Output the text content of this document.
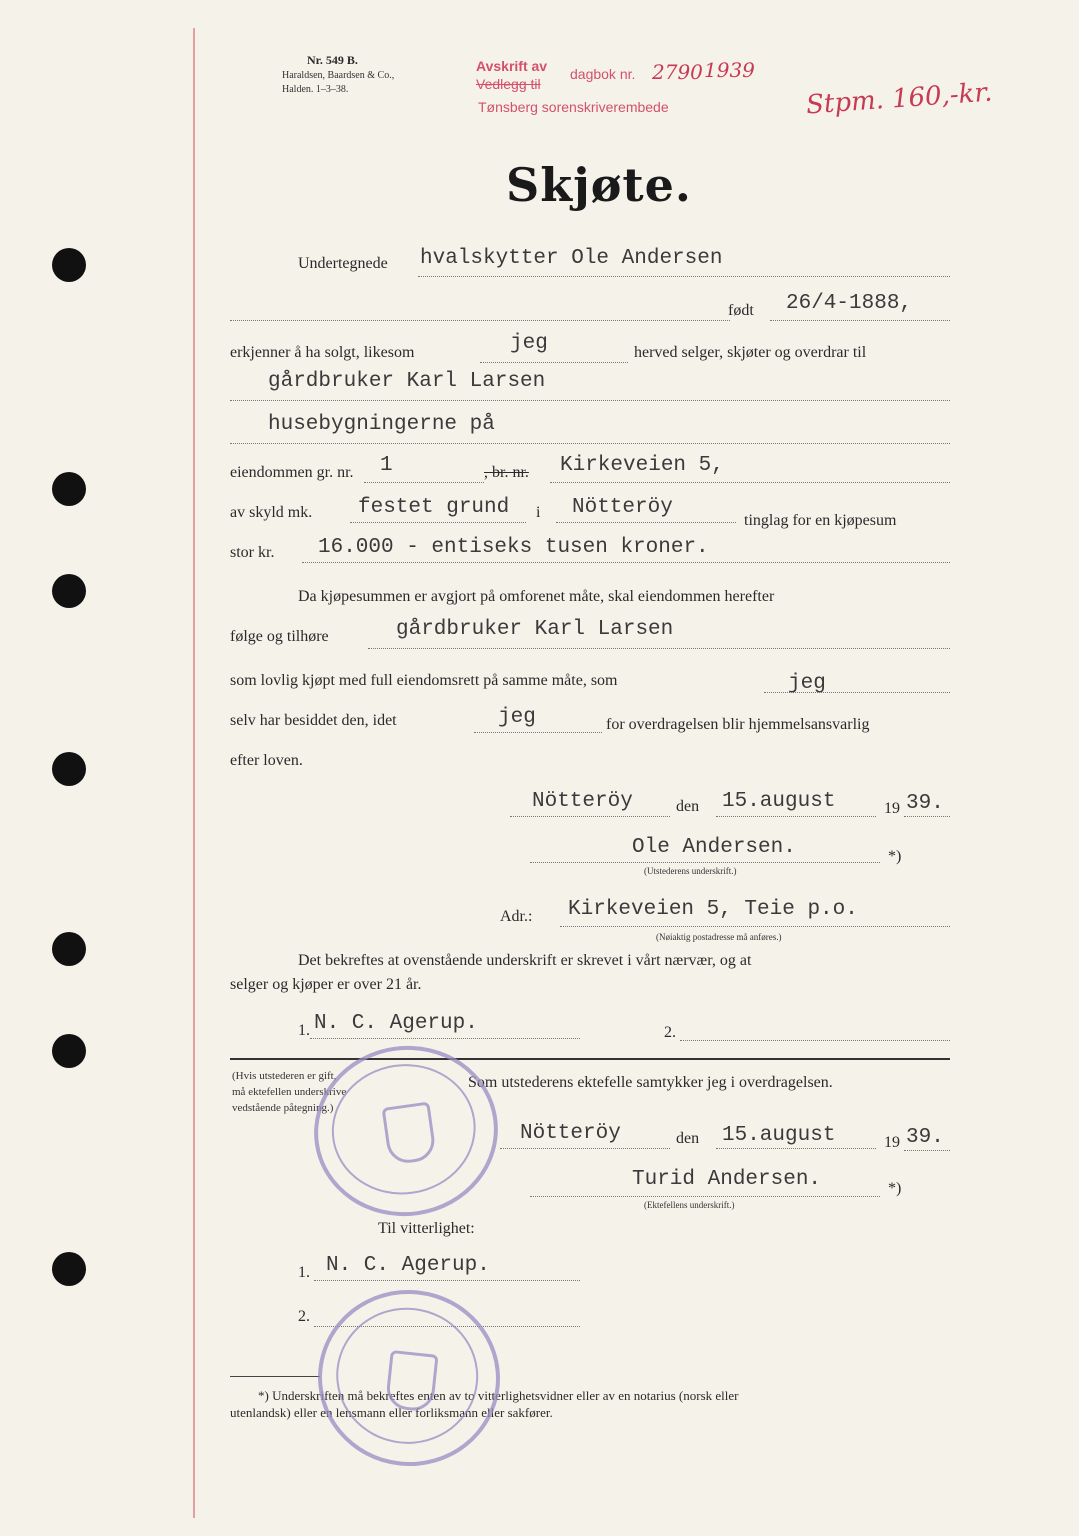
Nr. 549 B.
Haraldsen, Baardsen & Co.,
Halden. 1–3–38.
Avskrift av dagbok nr. 2790 1939
Vedlegg til
Tønsberg sorenskriverembede	Stpm. 160,-kr.
Skjøte.
Undertegnede hvalskytter Ole Andersen
født 26/4-1888,
erkjenner å ha solgt, likesom	jeg	herved selger, skjøter og overdrar til
gårdbruker Karl Larsen
husebygningerne på
eiendommen gr. nr. 1	, br. nr. Kirkeveien 5,
av skyld mk. festet grund i Nötteröy
tinglag for en kjøpesum
stor kr. 16.000 - entiseks tusen kroner.
Da kjøpesummen er avgjort på omforenet måte, skal eiendommen herefter
følge og tilhøre	gårdbruker Karl Larsen
som lovlig kjøpt med full eiendomsrett på samme måte, som	jeg
selv har besiddet den, idet	jeg	for overdragelsen blir hjemmelsansvarlig
efter loven.
Nötteröy	den 15.august	19 39.
Ole Andersen.	*)
(Utstederens underskrift.)
Adr.: Kirkeveien 5, Teie p.o.
(Nøiaktig postadresse må anføres.)
Det bekreftes at ovenstående underskrift er skrevet i vårt nærvær, og at
selger og kjøper er over 21 år.
1. N. C. Agerup.	2.
(Hvis utstederen er gift,
må ektefellen underskrive
vedstående påtegning.)
Som utstederens ektefelle samtykker jeg i overdragelsen.
Nötteröy	den 15.august	19 39.
Turid Andersen.	*)
(Ektefellens underskrift.)
Til vitterlighet:
1. N. C. Agerup.
2.
*) Underskriften må bekreftes enten av to vitterlighetsvidner eller av en notarius (norsk eller
utenlandsk) eller en lensmann eller forliksmann eller sakfører.
